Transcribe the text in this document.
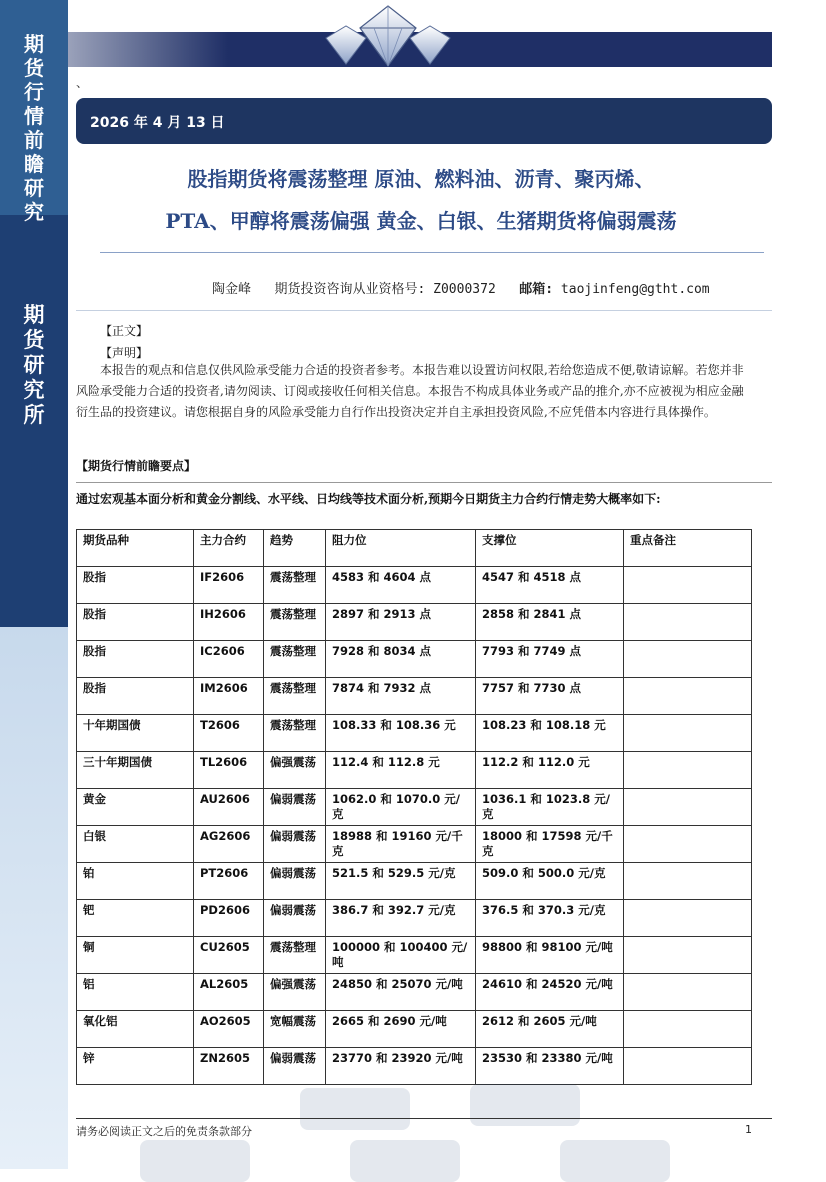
期
货
行
情
前
瞻
研
究
期
货
研
究
所
、
2026 年 4 月 13 日
股指期货将震荡整理 原油、燃料油、沥青、聚丙烯、
PTA、甲醇将震荡偏强 黄金、白银、生猪期货将偏弱震荡
陶金峰 期货投资咨询从业资格号: Z0000372 邮箱: taojinfeng@gtht.com
【正文】
【声明】
本报告的观点和信息仅供风险承受能力合适的投资者参考。本报告难以设置访问权限,若给您造成不便,敬请谅解。若您并非风险承受能力合适的投资者,请勿阅读、订阅或接收任何相关信息。本报告不构成具体业务或产品的推介,亦不应被视为相应金融衍生品的投资建议。请您根据自身的风险承受能力自行作出投资决定并自主承担投资风险,不应凭借本内容进行具体操作。
【期货行情前瞻要点】
通过宏观基本面分析和黄金分割线、水平线、日均线等技术面分析,预期今日期货主力合约行情走势大概率如下:
期货品种	主力合约	趋势	阻力位	支撑位	重点备注
股指	IF2606	震荡整理	4583 和 4604 点	4547 和 4518 点	
股指	IH2606	震荡整理	2897 和 2913 点	2858 和 2841 点	
股指	IC2606	震荡整理	7928 和 8034 点	7793 和 7749 点	
股指	IM2606	震荡整理	7874 和 7932 点	7757 和 7730 点	
十年期国债	T2606	震荡整理	108.33 和 108.36 元	108.23 和 108.18 元	
三十年期国债	TL2606	偏强震荡	112.4 和 112.8 元	112.2 和 112.0 元	
黄金	AU2606	偏弱震荡	1062.0 和 1070.0 元/克	1036.1 和 1023.8 元/克	
白银	AG2606	偏弱震荡	18988 和 19160 元/千克	18000 和 17598 元/千克	
铂	PT2606	偏弱震荡	521.5 和 529.5 元/克	509.0 和 500.0 元/克	
钯	PD2606	偏弱震荡	386.7 和 392.7 元/克	376.5 和 370.3 元/克	
铜	CU2605	震荡整理	100000 和 100400 元/吨	98800 和 98100 元/吨	
铝	AL2605	偏强震荡	24850 和 25070 元/吨	24610 和 24520 元/吨	
氧化铝	AO2605	宽幅震荡	2665 和 2690 元/吨	2612 和 2605 元/吨	
锌	ZN2605	偏弱震荡	23770 和 23920 元/吨	23530 和 23380 元/吨	
请务必阅读正文之后的免责条款部分	1
